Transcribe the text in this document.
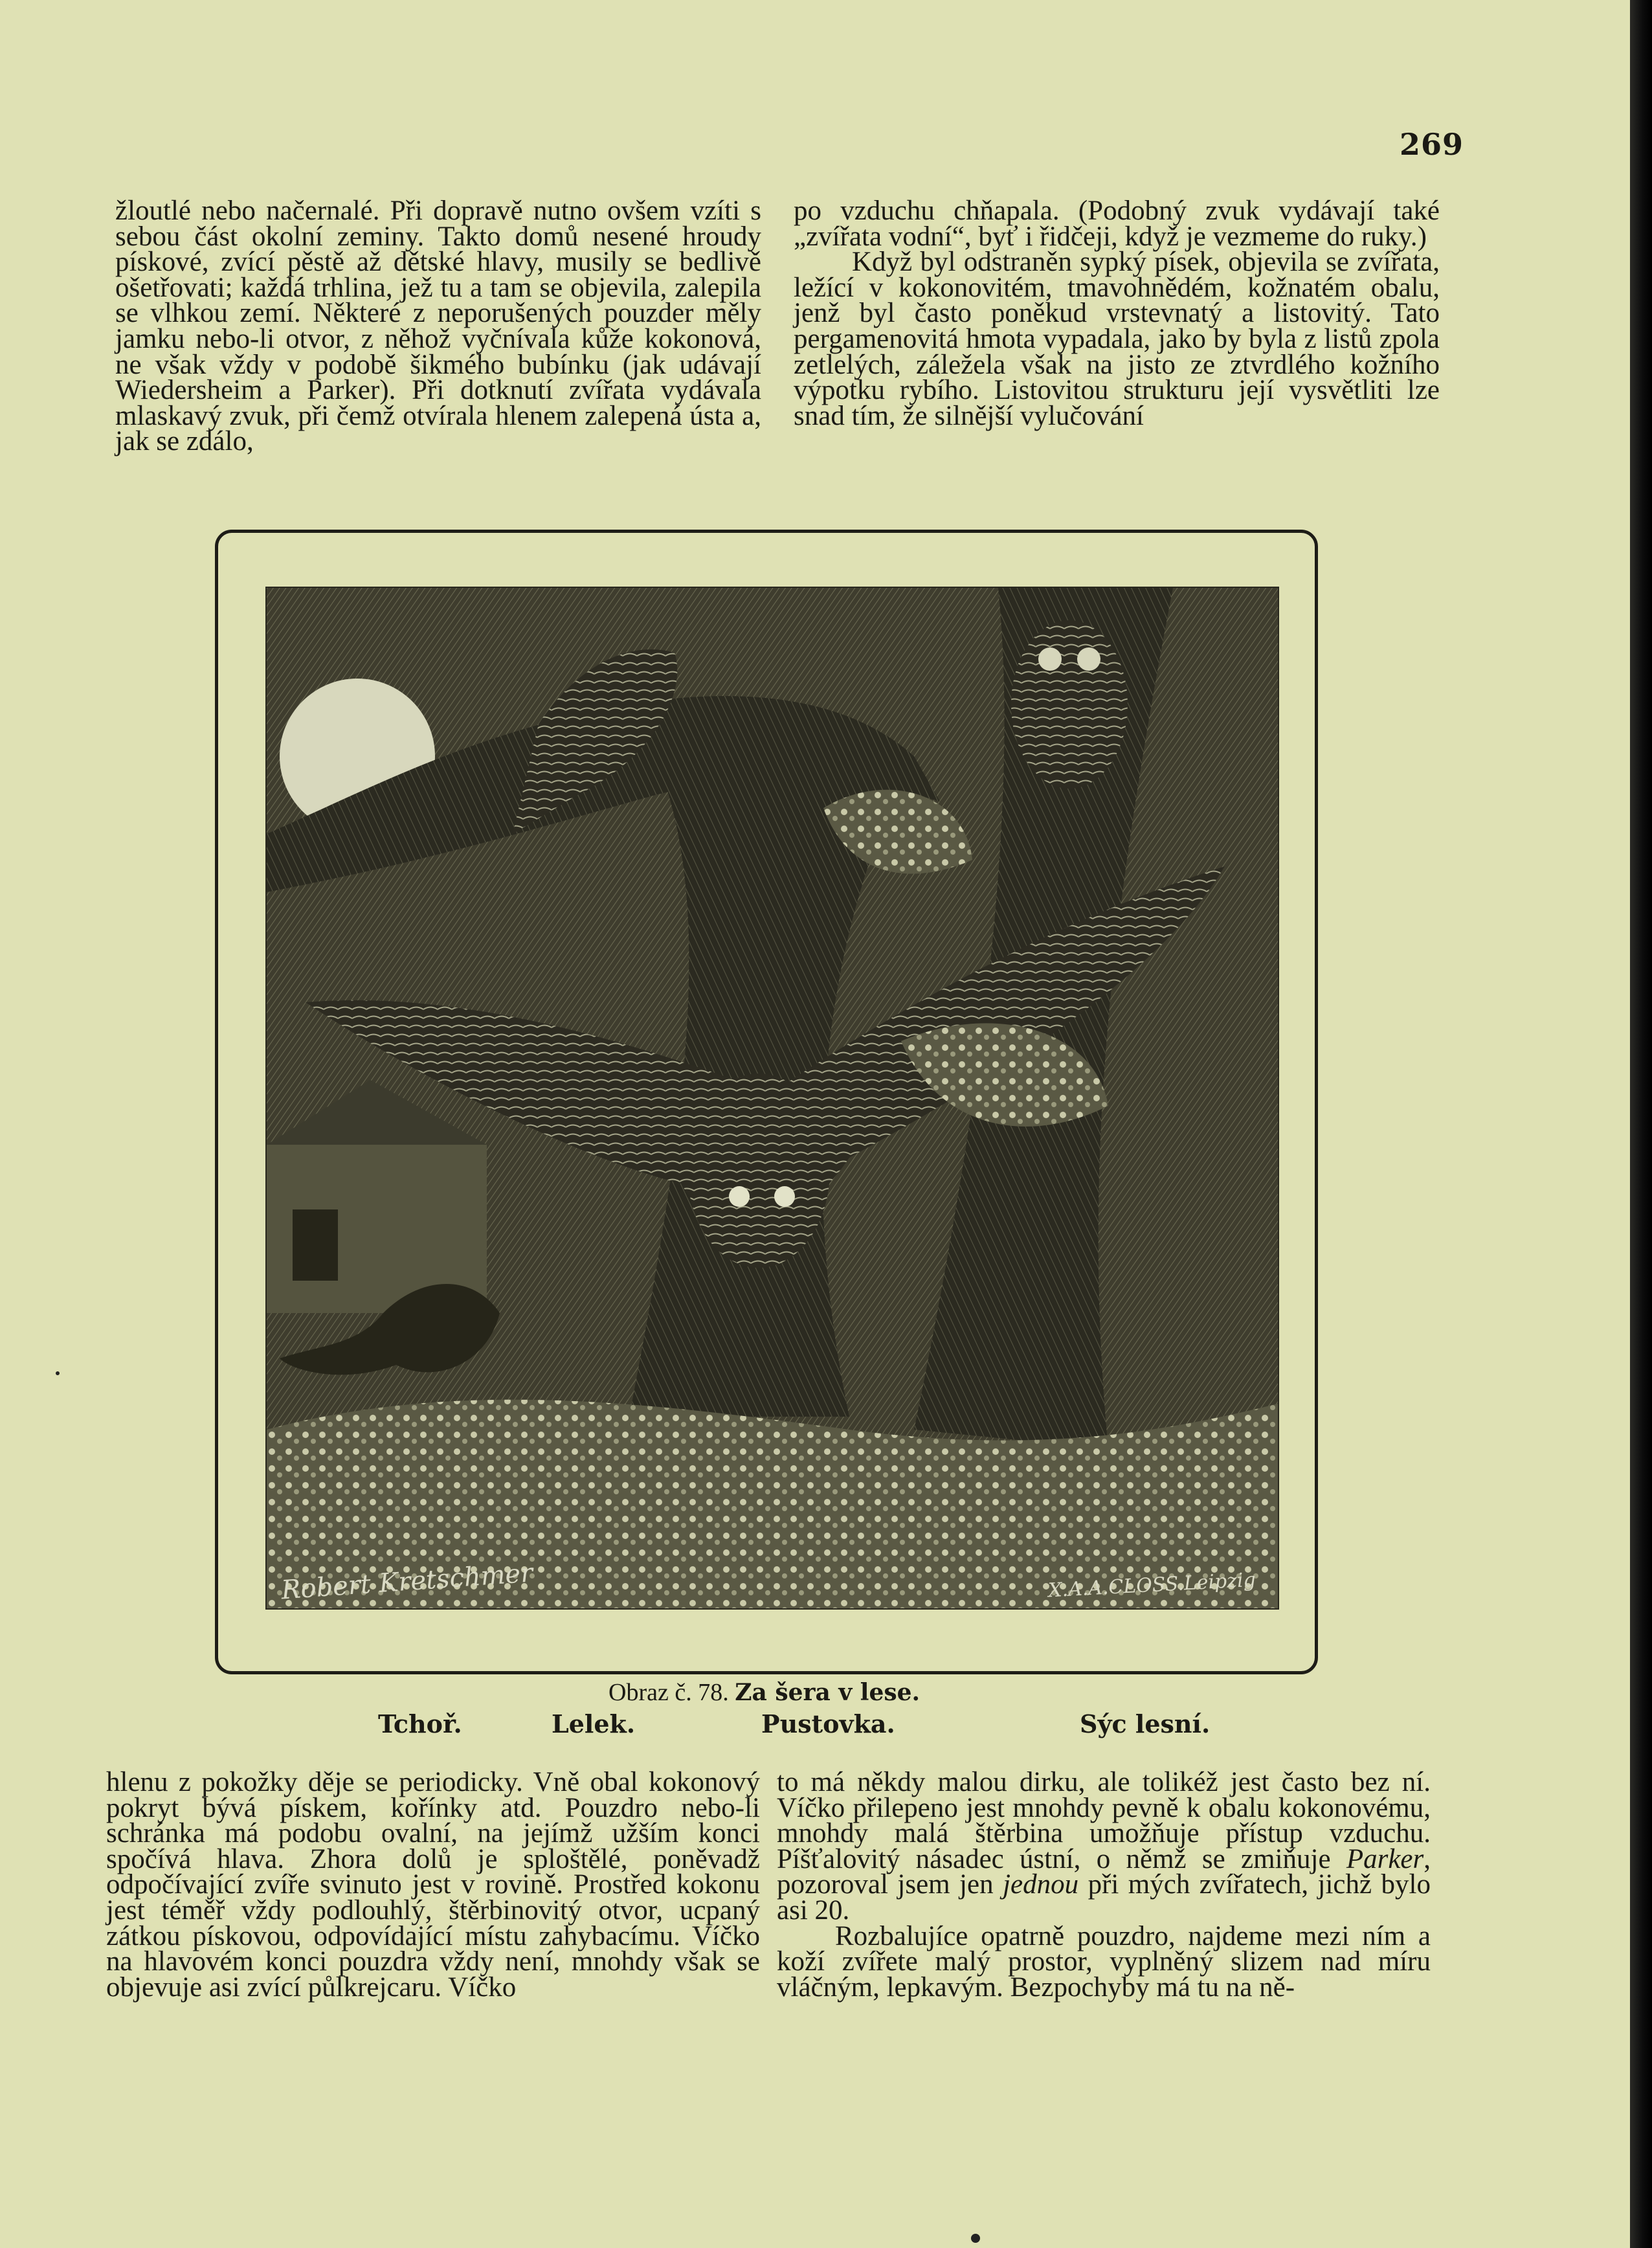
269

žloutlé nebo načernalé. Při dopravě nutno ovšem vzíti s sebou část okolní zeminy. Takto domů nesené hroudy pískové, zvící pěstě až dětské hlavy, musily se bedlivě ošetřovati; každá trhlina, jež tu a tam se objevila, zalepila se vlhkou zemí. Některé z neporušených pouzder měly jamku nebo-li otvor, z něhož vyčnívala kůže kokonová, ne však vždy v podobě šikmého bubínku (jak udávají Wiedersheim a Parker). Při dotknutí zvířata vydávala mlaskavý zvuk, při čemž otvírala hlenem zalepená ústa a, jak se zdálo,

po vzduchu chňapala. (Podobný zvuk vydávají také „zvířata vodní“, byť i řidčeji, když je vezmeme do ruky.)

Když byl odstraněn sypký písek, objevila se zvířata, ležící v kokonovitém, tmavohnědém, kožnatém obalu, jenž byl často poněkud vrstevnatý a listovitý. Tato pergamenovitá hmota vypadala, jako by byla z listů zpola zetlelých, záležela však na jisto ze ztvrdlého kožního výpotku rybího. Listovitou strukturu její vysvětliti lze snad tím, že silnější vylučování

Robert Kretschmer	X.A.A.CLOSS.Leipzig
Obraz č. 78. Za šera v lese.
Tchoř.	Lelek.	Pustovka.	Sýc lesní.

hlenu z pokožky děje se periodicky. Vně obal kokonový pokryt bývá pískem, kořínky atd. Pouzdro nebo-li schránka má podobu ovalní, na jejímž užším konci spočívá hlava. Zhora dolů je sploštělé, poněvadž odpočívající zvíře svinuto jest v rovině. Prostřed kokonu jest téměř vždy podlouhlý, štěrbinovitý otvor, ucpaný zátkou pískovou, odpovídající místu zahybacímu. Víčko na hlavovém konci pouzdra vždy není, mnohdy však se objevuje asi zvící půlkrejcaru. Víčko

to má někdy malou dirku, ale tolikéž jest často bez ní. Víčko přilepeno jest mnohdy pevně k obalu kokonovému, mnohdy malá štěrbina umožňuje přístup vzduchu. Píšťalovitý násadec ústní, o němž se zmiňuje Parker, pozoroval jsem jen jednou při mých zvířatech, jichž bylo asi 20.

Rozbalujíce opatrně pouzdro, najdeme mezi ním a koží zvířete malý prostor, vyplněný slizem nad míru vláčným, lepkavým. Bezpochyby má tu na ně-
